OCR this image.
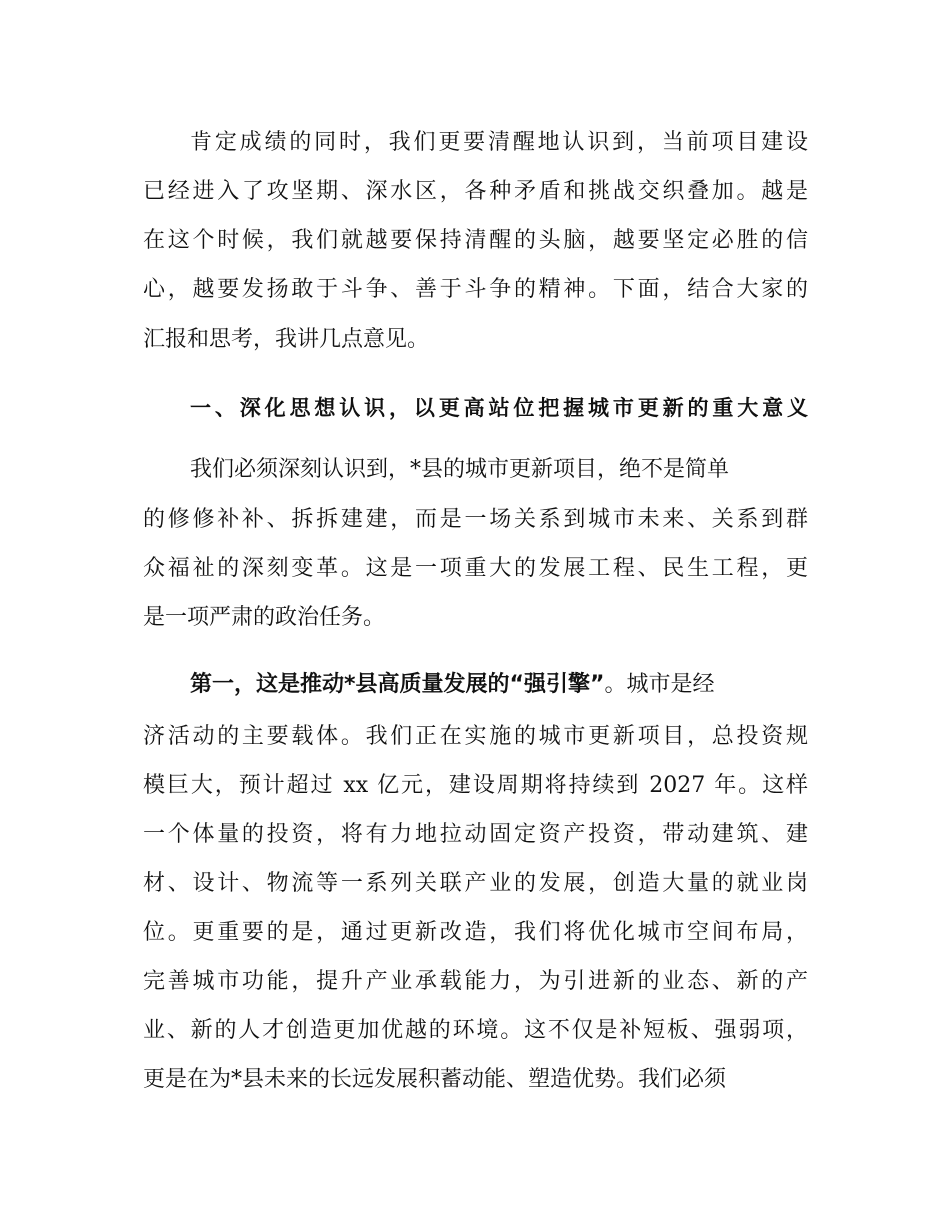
肯定成绩的同时，我们更要清醒地认识到，当前项目建设
已经进入了攻坚期、深水区，各种矛盾和挑战交织叠加。越是
在这个时候，我们就越要保持清醒的头脑，越要坚定必胜的信
心，越要发扬敢于斗争、善于斗争的精神。下面，结合大家的
汇报和思考，我讲几点意见。
一、深化思想认识，以更高站位把握城市更新的重大意义
我们必须深刻认识到，*县的城市更新项目，绝不是简单
的修修补补、拆拆建建，而是一场关系到城市未来、关系到群
众福祉的深刻变革。这是一项重大的发展工程、民生工程，更
是一项严肃的政治任务。
第一，这是推动*县高质量发展的“强引擎”。城市是经
济活动的主要载体。我们正在实施的城市更新项目，总投资规
模巨大，预计超过 xx 亿元，建设周期将持续到 2027 年。这样
一个体量的投资，将有力地拉动固定资产投资，带动建筑、建
材、设计、物流等一系列关联产业的发展，创造大量的就业岗
位。更重要的是，通过更新改造，我们将优化城市空间布局，
完善城市功能，提升产业承载能力，为引进新的业态、新的产
业、新的人才创造更加优越的环境。这不仅是补短板、强弱项，
更是在为*县未来的长远发展积蓄动能、塑造优势。我们必须
